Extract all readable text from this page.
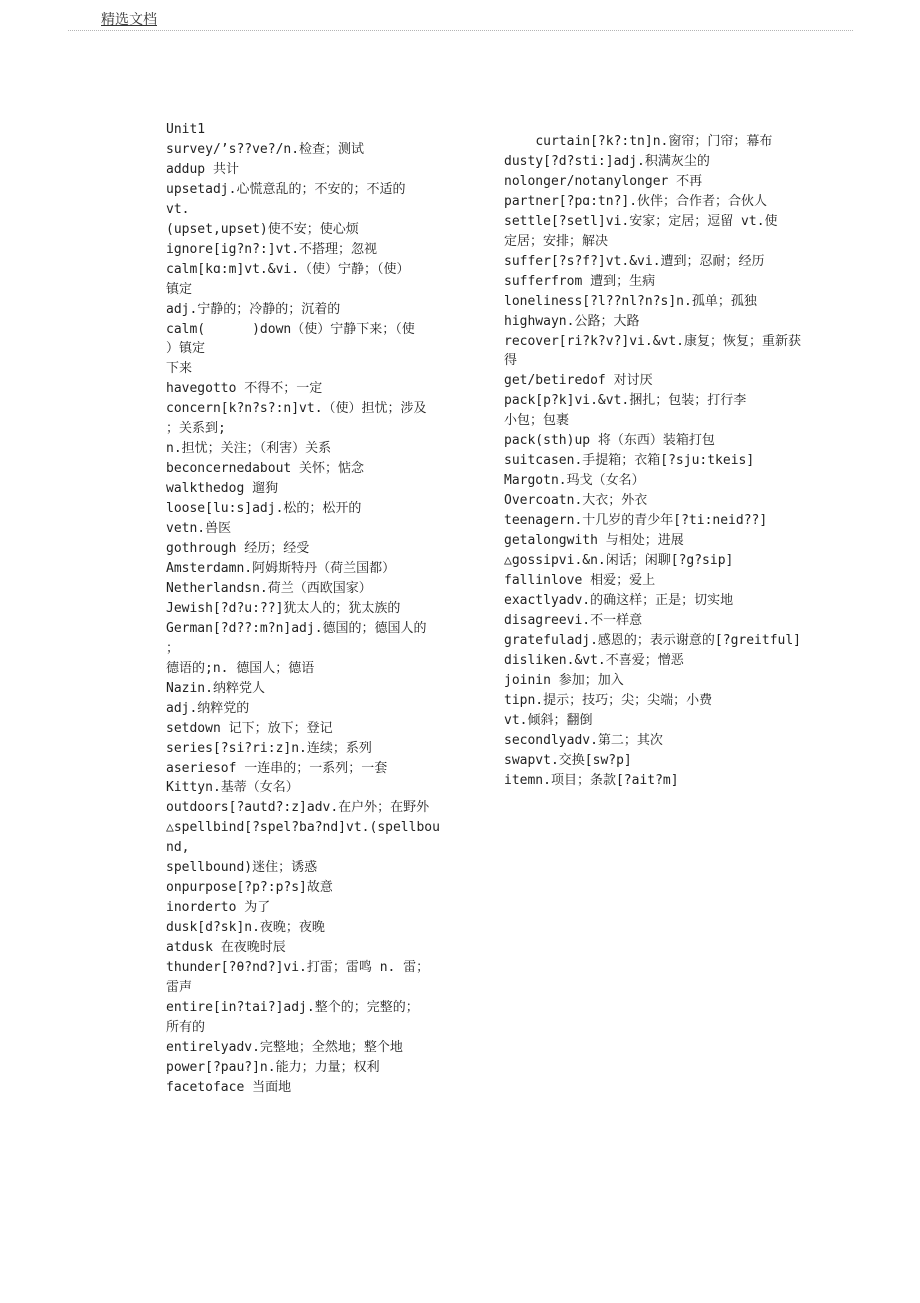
精选文档
Unit1
survey/’s??ve?/n.检查；测试
addup 共计
upsetadj.心慌意乱的；不安的；不适的
vt.
(upset,upset)使不安；使心烦
ignore[ig?n?:]vt.不搭理；忽视
calm[kɑ:m]vt.&vi.（使）宁静；（使）
镇定
adj.宁静的；冷静的；沉着的
calm(      )down（使）宁静下来；（使
）镇定
下来
havegotto 不得不；一定
concern[k?n?s?:n]vt.（使）担忧；涉及
；关系到;
n.担忧；关注；（利害）关系
beconcernedabout 关怀；惦念
walkthedog 遛狗
loose[lu:s]adj.松的；松开的
vetn.兽医
gothrough 经历；经受
Amsterdamn.阿姆斯特丹（荷兰国都）
Netherlandsn.荷兰（西欧国家）
Jewish[?d?u:??]犹太人的；犹太族的
German[?d??:m?n]adj.德国的；德国人的
；
德语的;n. 德国人；德语
Nazin.纳粹党人
adj.纳粹党的
setdown 记下；放下；登记
series[?si?ri:z]n.连续；系列
aseriesof 一连串的；一系列；一套
Kittyn.基蒂（女名）
outdoors[?autd?:z]adv.在户外；在野外
△spellbind[?spel?ba?nd]vt.(spellbou
nd,
spellbound)迷住；诱惑
onpurpose[?p?:p?s]故意
inorderto 为了
dusk[d?sk]n.夜晚；夜晚
atdusk 在夜晚时辰
thunder[?θ?nd?]vi.打雷；雷鸣 n. 雷；
雷声
entire[in?tai?]adj.整个的；完整的；
所有的
entirelyadv.完整地；全然地；整个地
power[?pau?]n.能力；力量；权利
facetoface 当面地
curtain[?k?:tn]n.窗帘；门帘；幕布
dusty[?d?sti:]adj.积满灰尘的
nolonger/notanylonger 不再
partner[?pɑ:tn?].伙伴；合作者；合伙人
settle[?setl]vi.安家；定居；逗留 vt.使
定居；安排；解决
suffer[?s?f?]vt.&vi.遭到；忍耐；经历
sufferfrom 遭到；生病
loneliness[?l??nl?n?s]n.孤单；孤独
highwayn.公路；大路
recover[ri?k?v?]vi.&vt.康复；恢复；重新获
得
get/betiredof 对讨厌
pack[p?k]vi.&vt.捆扎；包装；打行李
小包；包裹
pack(sth)up 将（东西）装箱打包
suitcasen.手提箱；衣箱[?sju:tkeis]
Margotn.玛戈（女名）
Overcoatn.大衣；外衣
teenagern.十几岁的青少年[?ti:neid??]
getalongwith 与相处；进展
△gossipvi.&n.闲话；闲聊[?g?sip]
fallinlove 相爱；爱上
exactlyadv.的确这样；正是；切实地
disagreevi.不一样意
gratefuladj.感恩的；表示谢意的[?greitful]
disliken.&vt.不喜爱；憎恶
joinin 参加；加入
tipn.提示；技巧；尖；尖端；小费
vt.倾斜；翻倒
secondlyadv.第二；其次
swapvt.交换[sw?p]
itemn.项目；条款[?ait?m]
